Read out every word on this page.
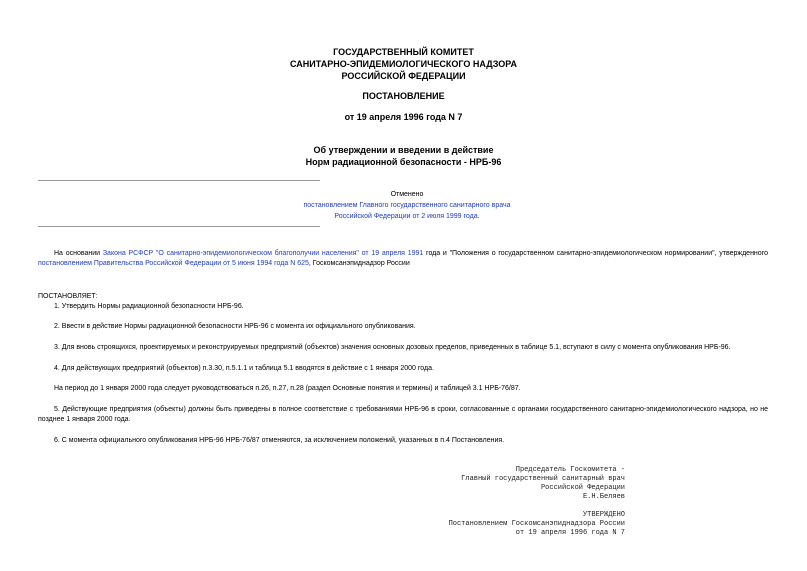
ГОСУДАРСТВЕННЫЙ КОМИТЕТ
САНИТАРНО-ЭПИДЕМИОЛОГИЧЕСКОГО НАДЗОРА
РОССИЙСКОЙ ФЕДЕРАЦИИ
ПОСТАНОВЛЕНИЕ
от 19 апреля 1996 года N 7
Об утверждении и введении в действие
Норм радиационной безопасности - НРБ-96
Отменено
постановлением Главного государственного санитарного врача
Российской Федерации от 2 июля 1999 года.
На основании Закона РСФСР "О санитарно-эпидемиологическом благополучии населения" от 19 апреля 1991 года и "Положения о государственном санитарно-эпидемиологическом нормировании", утвержденного постановлением Правительства Российской Федерации от 5 июня 1994 года N 625, Госкомсанэпиднадзор России
ПОСТАНОВЛЯЕТ:
1. Утвердить Нормы радиационной безопасности НРБ-96.
2. Ввести в действие Нормы радиационной безопасности НРБ-96 с момента их официального опубликования.
3. Для вновь строящихся, проектируемых и реконструируемых предприятий (объектов) значения основных дозовых пределов, приведенных в таблице 5.1, вступают в силу с момента опубликования НРБ-96.
4. Для действующих предприятий (объектов) п.3.30, п.5.1.1 и таблица 5.1 вводятся в действие с 1 января 2000 года.
На период до 1 января 2000 года следует руководствоваться п.26, п.27, п.28 (раздел Основные понятия и термины) и таблицей 3.1 НРБ-76/87.
5. Действующие предприятия (объекты) должны быть приведены в полное соответствие с требованиями НРБ-96 в сроки, согласованные с органами государственного санитарно-эпидемиологического надзора, но не позднее 1 января 2000 года.
6. С момента официального опубликования НРБ-96 НРБ-76/87 отменяются, за исключением положений, указанных в п.4 Постановления.
Председатель Госкомитета -
Главный государственный санитарный врач
Российской Федерации
Е.Н.Беляев
УТВЕРЖДЕНО
Постановлением Госкомсанэпиднадзора России
от 19 апреля 1996 года N 7
